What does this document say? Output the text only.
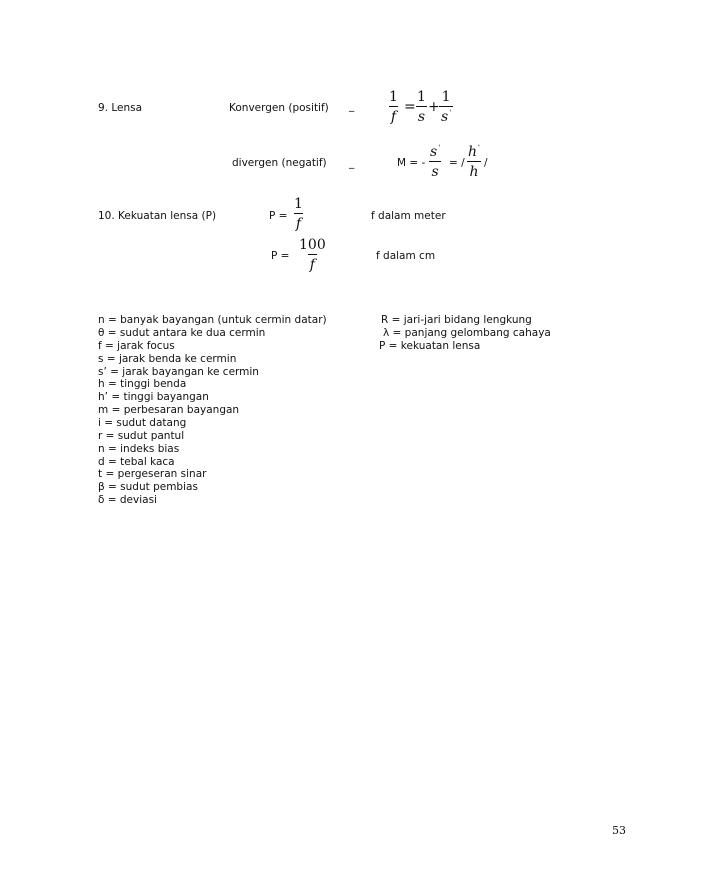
9. Lensa	Konvergen (positif) _ $\frac{1}{f} = \frac{1}{s} + \frac{1}{s'}$
divergen (negatif) _	M = - $\frac{s'}{s}$ = / $\frac{h'}{h}$ /
10. Kekuatan lensa (P)	$P = \frac{1}{f}$	f dalam meter
$P = \frac{100}{f}$	f dalam cm
n = banyak bayangan (untuk cermin datar)
θ = sudut antara ke dua cermin
f = jarak focus
s = jarak benda ke cermin
s’ = jarak bayangan ke cermin
h = tinggi benda
h’ = tinggi bayangan
m = perbesaran bayangan
i = sudut datang
r = sudut pantul
n = indeks bias
d = tebal kaca
t = pergeseran sinar
β = sudut pembias
δ = deviasi
R = jari-jari bidang lengkung
λ = panjang gelombang cahaya
P = kekuatan lensa
53
